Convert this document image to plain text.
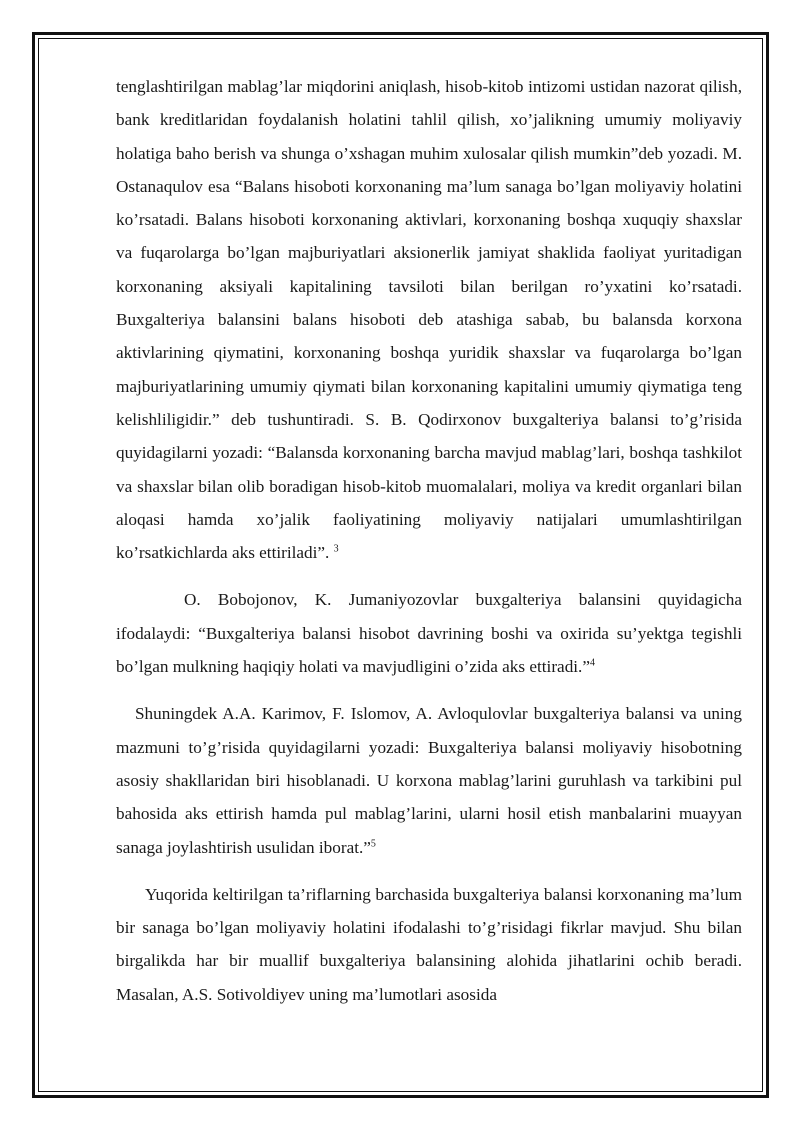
tenglashtirilgan mablag’lar miqdorini aniqlash, hisob-kitob intizomi ustidan nazorat qilish, bank kreditlaridan foydalanish holatini tahlil qilish, xo’jalikning umumiy moliyaviy holatiga baho berish va shunga o’xshagan muhim xulosalar qilish mumkin”deb yozadi. M. Ostanaqulov esa “Balans hisoboti korxonaning ma’lum sanaga bo’lgan moliyaviy holatini ko’rsatadi. Balans hisoboti korxonaning aktivlari, korxonaning boshqa xuquqiy shaxslar va fuqarolarga bo’lgan majburiyatlari aksionerlik jamiyat shaklida faoliyat yuritadigan korxonaning aksiyali kapitalining tavsiloti bilan berilgan ro’yxatini ko’rsatadi. Buxgalteriya balansini balans hisoboti deb atashiga sabab, bu balansda korxona aktivlarining qiymatini, korxonaning boshqa yuridik shaxslar va fuqarolarga bo’lgan majburiyatlarining umumiy qiymati bilan korxonaning kapitalini umumiy qiymatiga teng kelishliligidir.” deb tushuntiradi. S. B. Qodirxonov buxgalteriya balansi to’g’risida quyidagilarni yozadi: “Balansda korxonaning barcha mavjud mablag’lari, boshqa tashkilot va shaxslar bilan olib boradigan hisob-kitob muomalalari, moliya va kredit organlari bilan aloqasi hamda xo’jalik faoliyatining moliyaviy natijalari umumlashtirilgan ko’rsatkichlarda aks ettiriladi”. $^3$

O. Bobojonov, K. Jumaniyozovlar buxgalteriya balansini quyidagicha ifodalaydi: “Buxgalteriya balansi hisobot davrining boshi va oxirida su’yektga tegishli bo’lgan mulkning haqiqiy holati va mavjudligini o’zida aks ettiradi.”$^4$

Shuningdek A.A. Karimov, F. Islomov, A. Avloqulovlar buxgalteriya balansi va uning mazmuni to’g’risida quyidagilarni yozadi: Buxgalteriya balansi moliyaviy hisobotning asosiy shakllaridan biri hisoblanadi. U korxona mablag’larini guruhlash va tarkibini pul bahosida aks ettirish hamda pul mablag’larini, ularni hosil etish manbalarini muayyan sanaga joylashtirish usulidan iborat.”$^5$

Yuqorida keltirilgan ta’riflarning barchasida buxgalteriya balansi korxonaning ma’lum bir sanaga bo’lgan moliyaviy holatini ifodalashi to’g’risidagi fikrlar mavjud. Shu bilan birgalikda har bir muallif buxgalteriya balansining alohida jihatlarini ochib beradi. Masalan, A.S. Sotivoldiyev uning ma’lumotlari asosida
